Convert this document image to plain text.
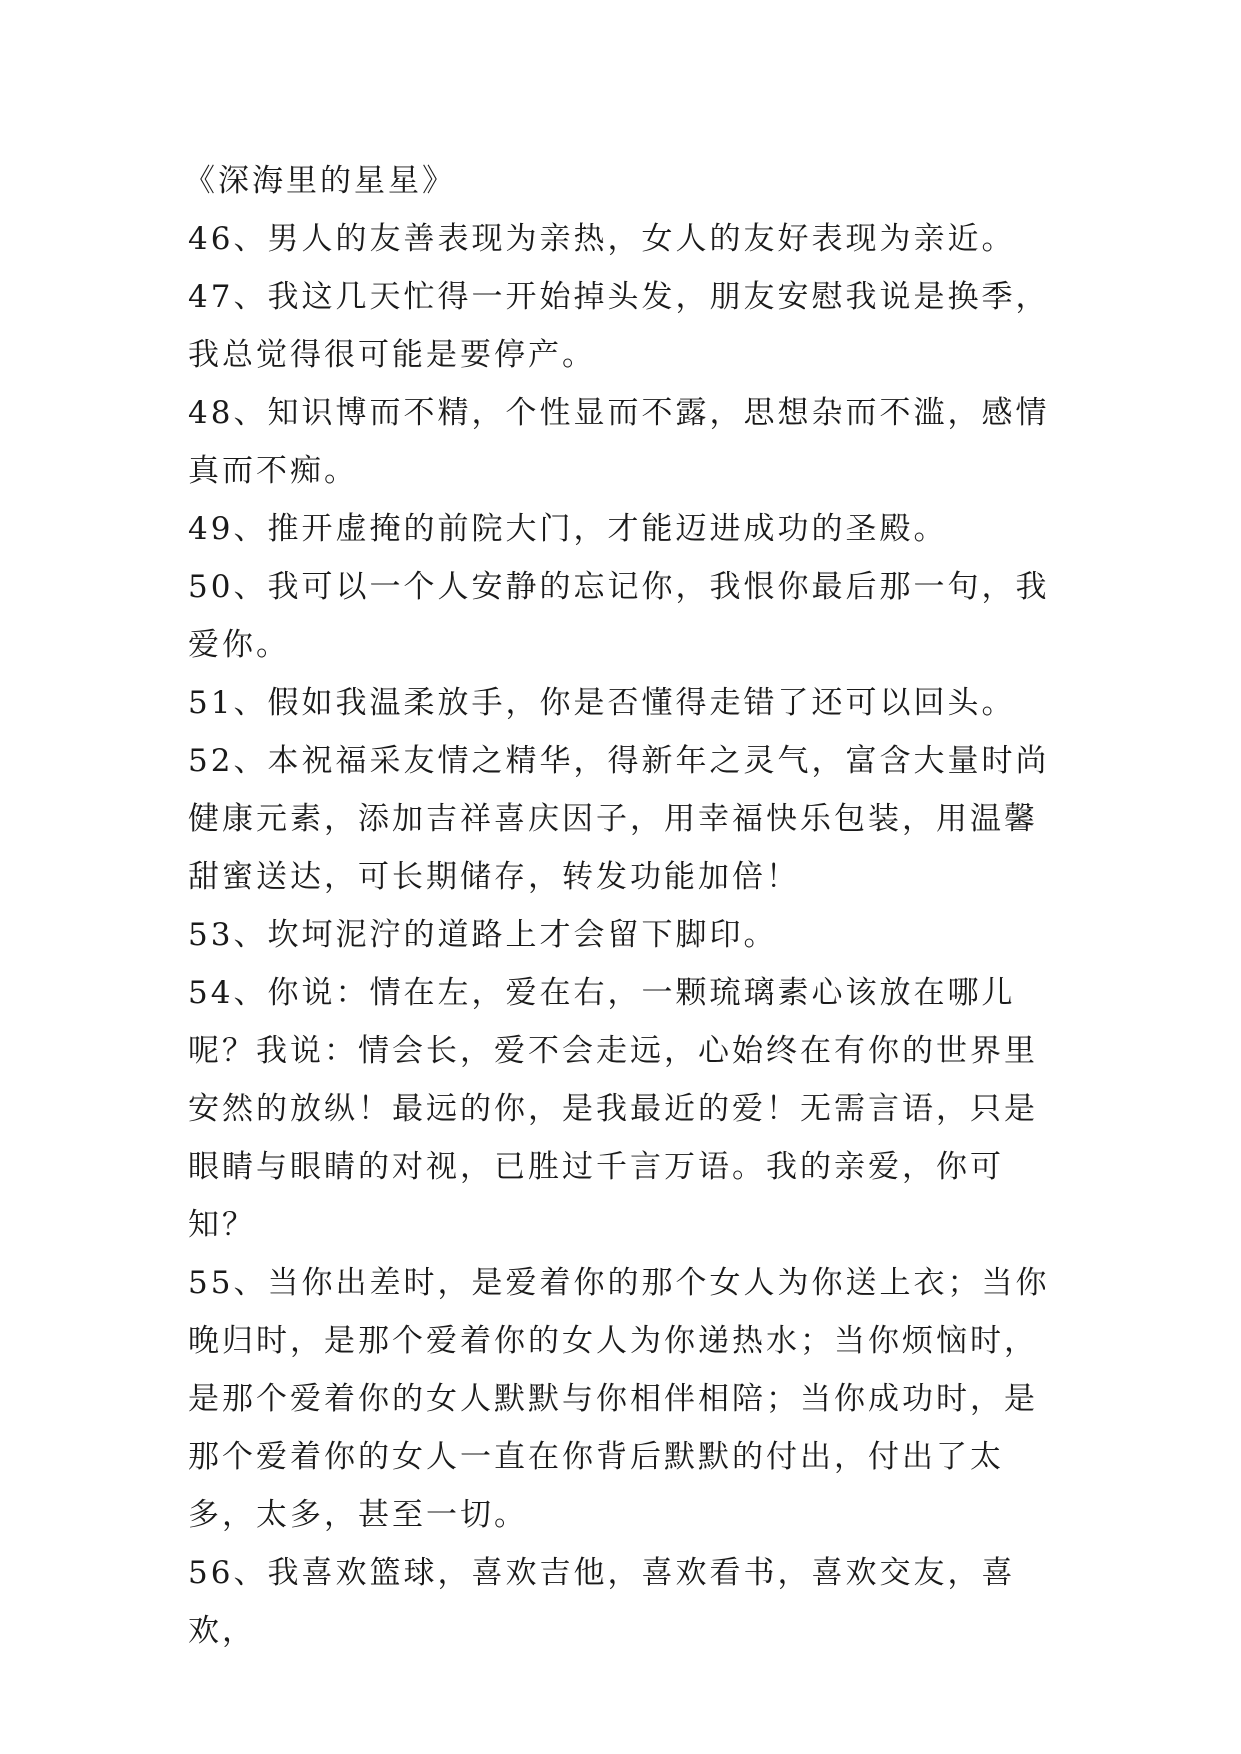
《深海里的星星》

46、男人的友善表现为亲热，女人的友好表现为亲近。

47、我这几天忙得一开始掉头发，朋友安慰我说是换季，我总觉得很可能是要停产。

48、知识博而不精，个性显而不露，思想杂而不滥，感情真而不痴。

49、推开虚掩的前院大门，才能迈进成功的圣殿。

50、我可以一个人安静的忘记你，我恨你最后那一句，我爱你。

51、假如我温柔放手，你是否懂得走错了还可以回头。

52、本祝福采友情之精华，得新年之灵气，富含大量时尚健康元素，添加吉祥喜庆因子，用幸福快乐包装，用温馨甜蜜送达，可长期储存，转发功能加倍！

53、坎坷泥泞的道路上才会留下脚印。

54、你说：情在左，爱在右，一颗琉璃素心该放在哪儿呢？我说：情会长，爱不会走远，心始终在有你的世界里安然的放纵！最远的你，是我最近的爱！无需言语，只是眼睛与眼睛的对视，已胜过千言万语。我的亲爱，你可知？

55、当你出差时，是爱着你的那个女人为你送上衣；当你晚归时，是那个爱着你的女人为你递热水；当你烦恼时，是那个爱着你的女人默默与你相伴相陪；当你成功时，是那个爱着你的女人一直在你背后默默的付出，付出了太多，太多，甚至一切。

56、我喜欢篮球，喜欢吉他，喜欢看书，喜欢交友，喜欢，
